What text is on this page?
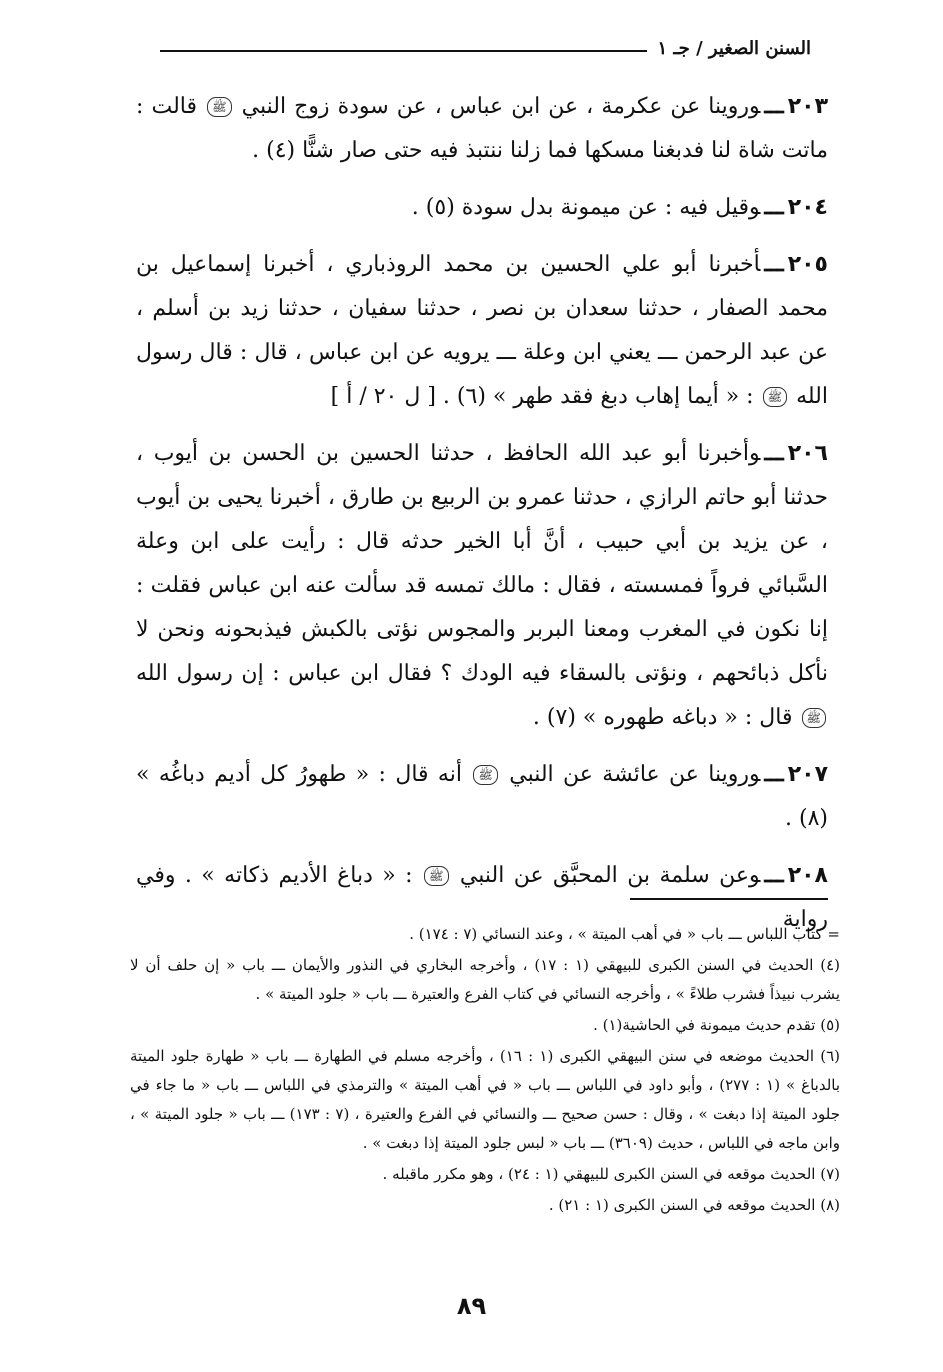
السنن الصغير / جـ ١

٢٠٣ـــوروينا عن عكرمة ، عن ابن عباس ، عن سودة زوج النبي ﷺ قالت : ماتت شاة لنا فدبغنا مسكها فما زلنا ننتبذ فيه حتى صار شنًّا (٤) .

٢٠٤ـــوقيل فيه : عن ميمونة بدل سودة (٥) .

٢٠٥ـــأخبرنا أبو علي الحسين بن محمد الروذباري ، أخبرنا إسماعيل بن محمد الصفار ، حدثنا سعدان بن نصر ، حدثنا سفيان ، حدثنا زيد بن أسلم ، عن عبد الرحمن ـــ يعني ابن وعلة ـــ يرويه عن ابن عباس ، قال : قال رسول الله ﷺ : « أيما إهاب دبغ فقد طهر » (٦) . [ ل ٢٠ / أ ]

٢٠٦ـــوأخبرنا أبو عبد الله الحافظ ، حدثنا الحسين بن الحسن بن أيوب ، حدثنا أبو حاتم الرازي ، حدثنا عمرو بن الربيع بن طارق ، أخبرنا يحيى بن أيوب ، عن يزيد بن أبي حبيب ، أنَّ أبا الخير حدثه قال : رأيت على ابن وعلة السَّبائي فرواً فمسسته ، فقال : مالك تمسه قد سألت عنه ابن عباس فقلت : إنا نكون في المغرب ومعنا البربر والمجوس نؤتى بالكبش فيذبحونه ونحن لا نأكل ذبائحهم ، ونؤتى بالسقاء فيه الودك ؟ فقال ابن عباس : إن رسول الله ﷺ قال : « دباغه طهوره » (٧) .

٢٠٧ـــوروينا عن عائشة عن النبي ﷺ أنه قال : « طهورُ كل أديم دباغُه » (٨) .

٢٠٨ـــوعن سلمة بن المحبَّق عن النبي ﷺ : « دباغ الأديم ذكاته » . وفي رواية

= كتاب اللباس ـــ باب « في أهب الميتة » ، وعند النسائي (٧ : ١٧٤) .

(٤) الحديث في السنن الكبرى للبيهقي (١ : ١٧) ، وأخرجه البخاري في النذور والأيمان ـــ باب « إن حلف أن لا يشرب نبيذاً فشرب طلاءً » ، وأخرجه النسائي في كتاب الفرع والعتيرة ـــ باب « جلود الميتة » .

(٥) تقدم حديث ميمونة في الحاشية(١) .

(٦) الحديث موضعه في سنن البيهقي الكبرى (١ : ١٦) ، وأخرجه مسلم في الطهارة ـــ باب « طهارة جلود الميتة بالدباغ » (١ : ٢٧٧) ، وأبو داود في اللباس ـــ باب « في أهب الميتة » والترمذي في اللباس ـــ باب « ما جاء في جلود الميتة إذا دبغت » ، وقال : حسن صحيح ـــ والنسائي في الفرع والعتيرة ، (٧ : ١٧٣) ـــ باب « جلود الميتة » ، وابن ماجه في اللباس ، حديث (٣٦٠٩) ـــ باب « لبس جلود الميتة إذا دبغت » .

(٧) الحديث موقعه في السنن الكبرى للبيهقي (١ : ٢٤) ، وهو مكرر ماقبله .

(٨) الحديث موقعه في السنن الكبرى (١ : ٢١) .

٨٩
